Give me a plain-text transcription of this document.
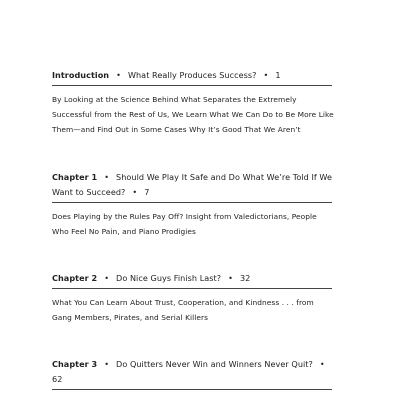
Introduction • What Really Produces Success? • 1
By Looking at the Science Behind What Separates the Extremely Successful from the Rest of Us, We Learn What We Can Do to Be More Like Them—and Find Out in Some Cases Why It’s Good That We Aren’t
Chapter 1 • Should We Play It Safe and Do What We’re Told If We Want to Succeed? • 7
Does Playing by the Rules Pay Off? Insight from Valedictorians, People Who Feel No Pain, and Piano Prodigies
Chapter 2 • Do Nice Guys Finish Last? • 32
What You Can Learn About Trust, Cooperation, and Kindness . . . from Gang Members, Pirates, and Serial Killers
Chapter 3 • Do Quitters Never Win and Winners Never Quit? •62
